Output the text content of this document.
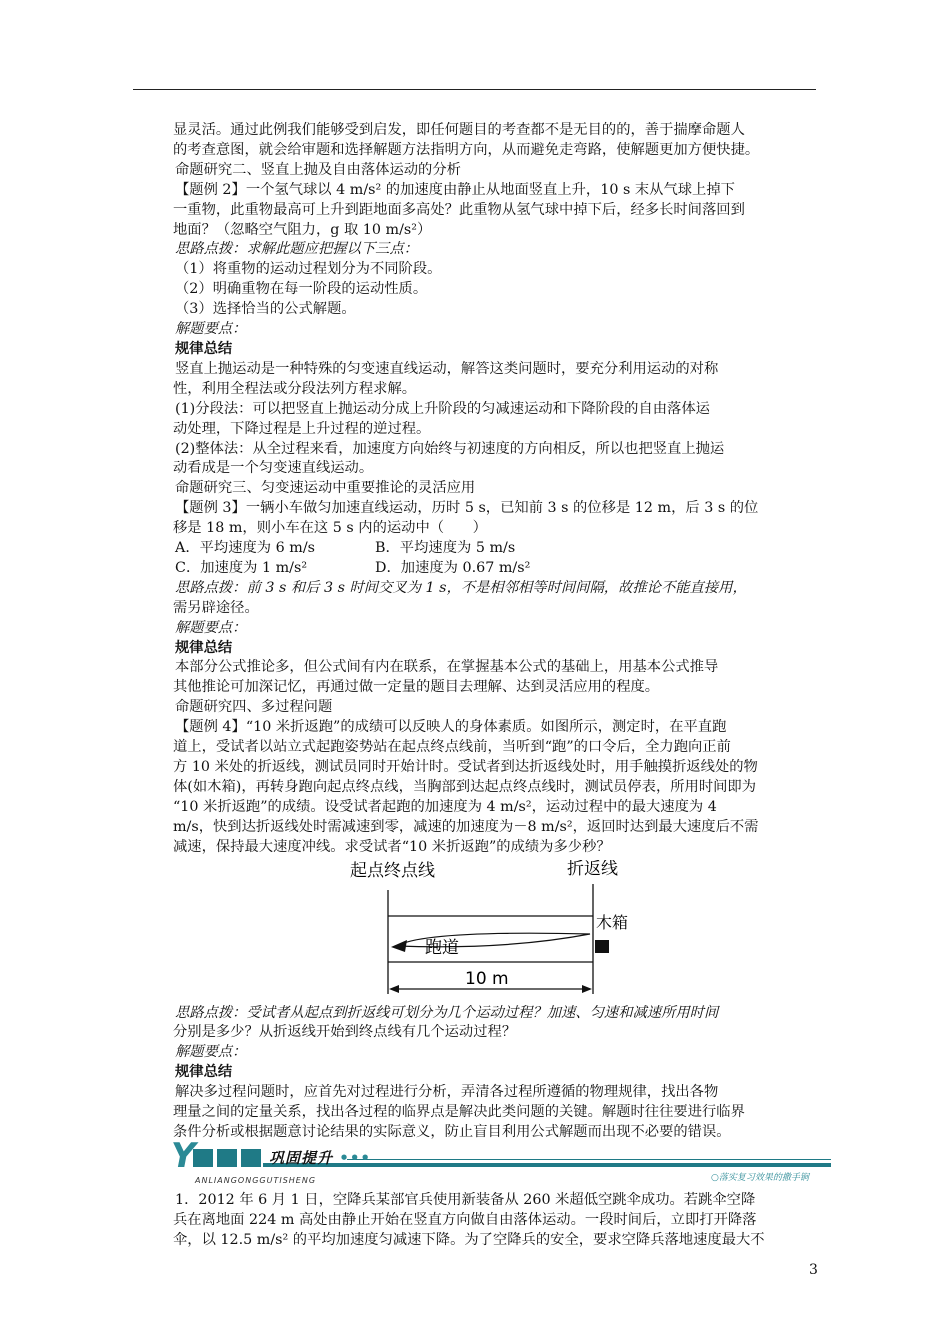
显灵活。通过此例我们能够受到启发，即任何题目的考查都不是无目的的，善于揣摩命题人

的考查意图，就会给审题和选择解题方法指明方向，从而避免走弯路，使解题更加方便快捷。

命题研究二、竖直上抛及自由落体运动的分析

【题例 2】一个氢气球以 4 m/s² 的加速度由静止从地面竖直上升，10 s 末从气球上掉下

一重物，此重物最高可上升到距地面多高处？此重物从氢气球中掉下后，经多长时间落回到

地面？（忽略空气阻力，g 取 10 m/s²）

思路点拨：求解此题应把握以下三点：

（1）将重物的运动过程划分为不同阶段。

（2）明确重物在每一阶段的运动性质。

（3）选择恰当的公式解题。

解题要点：

规律总结

竖直上抛运动是一种特殊的匀变速直线运动，解答这类问题时，要充分利用运动的对称

性，利用全程法或分段法列方程求解。

(1)分段法：可以把竖直上抛运动分成上升阶段的匀减速运动和下降阶段的自由落体运

动处理，下降过程是上升过程的逆过程。

(2)整体法：从全过程来看，加速度方向始终与初速度的方向相反，所以也把竖直上抛运

动看成是一个匀变速直线运动。

命题研究三、匀变速运动中重要推论的灵活应用

【题例 3】一辆小车做匀加速直线运动，历时 5 s，已知前 3 s 的位移是 12 m，后 3 s 的位

移是 18 m，则小车在这 5 s 内的运动中（　　）

A．平均速度为 6 m/s	B．平均速度为 5 m/s

C．加速度为 1 m/s²	D．加速度为 0.67 m/s²

思路点拨：前 3 s 和后 3 s 时间交叉为 1 s，不是相邻相等时间间隔，故推论不能直接用，

需另辟途径。

解题要点：

规律总结

本部分公式推论多，但公式间有内在联系，在掌握基本公式的基础上，用基本公式推导

其他推论可加深记忆，再通过做一定量的题目去理解、达到灵活应用的程度。

命题研究四、多过程问题

【题例 4】“10 米折返跑”的成绩可以反映人的身体素质。如图所示，测定时，在平直跑

道上，受试者以站立式起跑姿势站在起点终点线前，当听到“跑”的口令后，全力跑向正前

方 10 米处的折返线，测试员同时开始计时。受试者到达折返线处时，用手触摸折返线处的物

体(如木箱)，再转身跑向起点终点线，当胸部到达起点终点线时，测试员停表，所用时间即为

“10 米折返跑”的成绩。设受试者起跑的加速度为 4 m/s²，运动过程中的最大速度为 4

m/s，快到达折返线处时需减速到零，减速的加速度为－8 m/s²，返回时达到最大速度后不需

减速，保持最大速度冲线。求受试者“10 米折返跑”的成绩为多少秒？

起点终点线	折返线
跑道
木箱
10 m

思路点拨：受试者从起点到折返线可划分为几个运动过程？加速、匀速和减速所用时间

分别是多少？从折返线开始到终点线有几个运动过程？

解题要点：

规律总结

解决多过程问题时，应首先对过程进行分析，弄清各过程所遵循的物理规律，找出各物

理量之间的定量关系，找出各过程的临界点是解决此类问题的关键。解题时往往要进行临界

条件分析或根据题意讨论结果的实际意义，防止盲目利用公式解题而出现不必要的错误。

Y	巩固提升 •••
ANLIANGONGGUTISHENG	○落实复习效果的撒手锏

1．2012 年 6 月 1 日，空降兵某部官兵使用新装备从 260 米超低空跳伞成功。若跳伞空降

兵在离地面 224 m 高处由静止开始在竖直方向做自由落体运动。一段时间后，立即打开降落

伞，以 12.5 m/s² 的平均加速度匀减速下降。为了空降兵的安全，要求空降兵落地速度最大不

3
